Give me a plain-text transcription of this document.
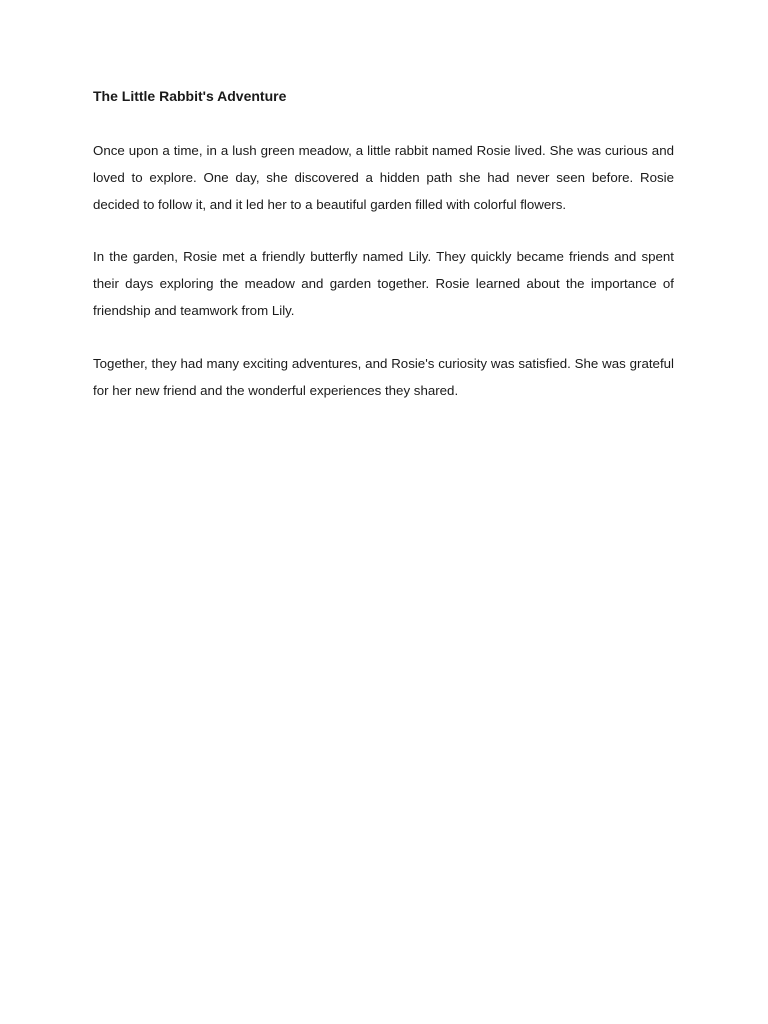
The Little Rabbit's Adventure

Once upon a time, in a lush green meadow, a little rabbit named Rosie lived. She was curious and loved to explore. One day, she discovered a hidden path she had never seen before. Rosie decided to follow it, and it led her to a beautiful garden filled with colorful flowers.

In the garden, Rosie met a friendly butterfly named Lily. They quickly became friends and spent their days exploring the meadow and garden together. Rosie learned about the importance of friendship and teamwork from Lily.

Together, they had many exciting adventures, and Rosie's curiosity was satisfied. She was grateful for her new friend and the wonderful experiences they shared.
